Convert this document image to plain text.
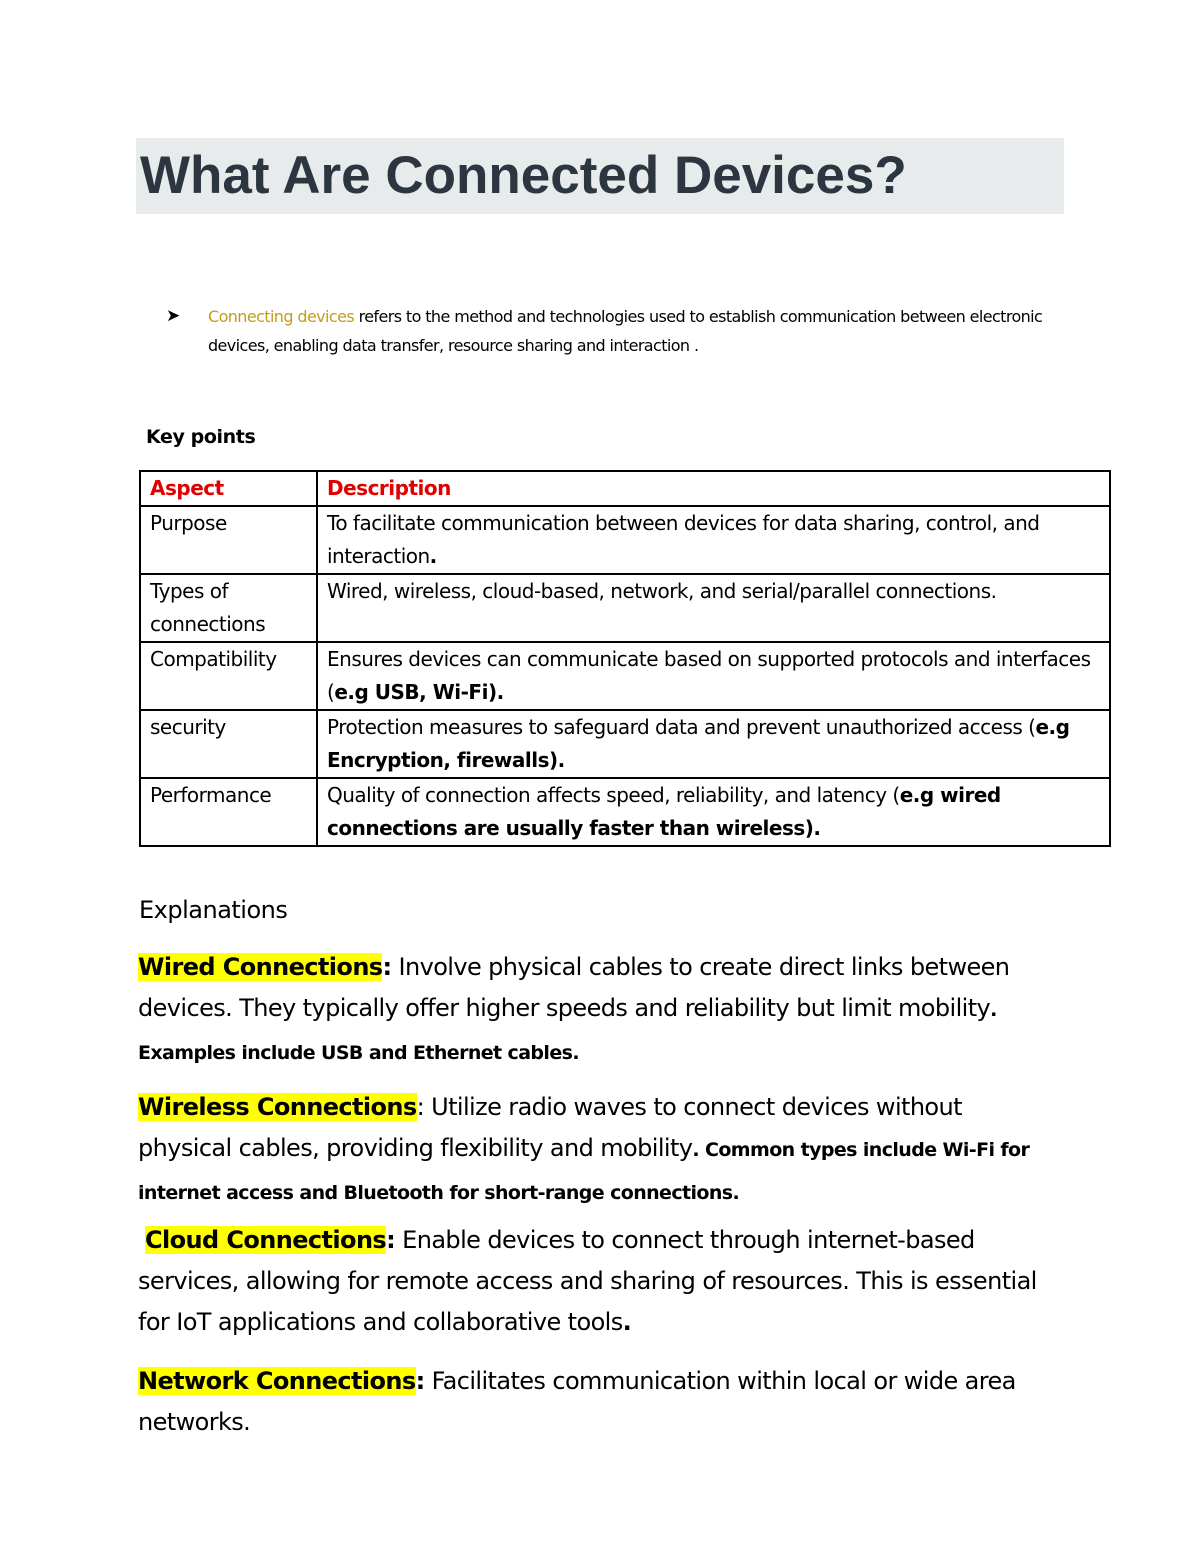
What Are Connected Devices?
➤ Connecting devices refers to the method and technologies used to establish communication between electronic devices, enabling data transfer, resource sharing and interaction .
Key points
Aspect	Description
Purpose	To facilitate communication between devices for data sharing, control, and interaction.
Types of connections	Wired, wireless, cloud-based, network, and serial/parallel connections.
Compatibility	Ensures devices can communicate based on supported protocols and interfaces (e.g USB, Wi-Fi).
security	Protection measures to safeguard data and prevent unauthorized access (e.g Encryption, firewalls).
Performance	Quality of connection affects speed, reliability, and latency (e.g wired connections are usually faster than wireless).
Explanations
Wired Connections: Involve physical cables to create direct links between devices. They typically offer higher speeds and reliability but limit mobility. Examples include USB and Ethernet cables.
Wireless Connections: Utilize radio waves to connect devices without physical cables, providing flexibility and mobility. Common types include Wi-Fi for internet access and Bluetooth for short-range connections.
Cloud Connections: Enable devices to connect through internet-based services, allowing for remote access and sharing of resources. This is essential for IoT applications and collaborative tools.
Network Connections: Facilitates communication within local or wide area networks.
